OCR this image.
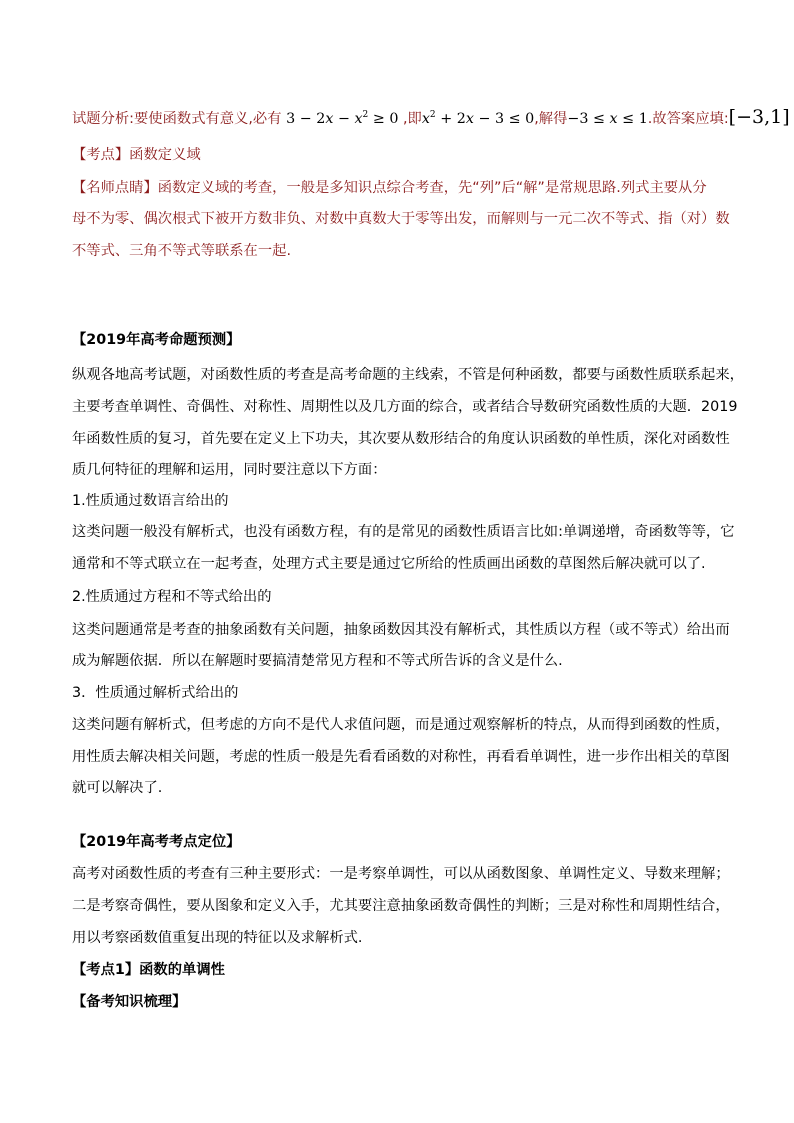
试题分析:要使函数式有意义,必有 $3 - 2x - x^2 \ge 0$ ,即$x^2 + 2x - 3 \le 0$,解得−3 ≤ x ≤ 1.故答案应填:[−3,1]
【考点】函数定义域
【名师点睛】函数定义域的考查，一般是多知识点综合考查，先“列”后“解”是常规思路.列式主要从分
母不为零、偶次根式下被开方数非负、对数中真数大于零等出发，而解则与一元二次不等式、指（对）数
不等式、三角不等式等联系在一起.
【2019年高考命题预测】
纵观各地高考试题，对函数性质的考查是高考命题的主线索，不管是何种函数，都要与函数性质联系起来，
主要考查单调性、奇偶性、对称性、周期性以及几方面的综合，或者结合导数研究函数性质的大题．2019
年函数性质的复习，首先要在定义上下功夫，其次要从数形结合的角度认识函数的单性质，深化对函数性
质几何特征的理解和运用，同时要注意以下方面：
1.性质通过数语言给出的
这类问题一般没有解析式，也没有函数方程，有的是常见的函数性质语言比如:单调递增，奇函数等等，它
通常和不等式联立在一起考查，处理方式主要是通过它所给的性质画出函数的草图然后解决就可以了.
2.性质通过方程和不等式给出的
这类问题通常是考查的抽象函数有关问题，抽象函数因其没有解析式，其性质以方程（或不等式）给出而
成为解题依据．所以在解题时要搞清楚常见方程和不等式所告诉的含义是什么.
3．性质通过解析式给出的
这类问题有解析式，但考虑的方向不是代人求值问题，而是通过观察解析的特点，从而得到函数的性质，
用性质去解决相关问题，考虑的性质一般是先看看函数的对称性，再看看单调性，进一步作出相关的草图
就可以解决了.
【2019年高考考点定位】
高考对函数性质的考查有三种主要形式：一是考察单调性，可以从函数图象、单调性定义、导数来理解；
二是考察奇偶性，要从图象和定义入手，尤其要注意抽象函数奇偶性的判断；三是对称性和周期性结合，
用以考察函数值重复出现的特征以及求解析式.
【考点1】函数的单调性
【备考知识梳理】
